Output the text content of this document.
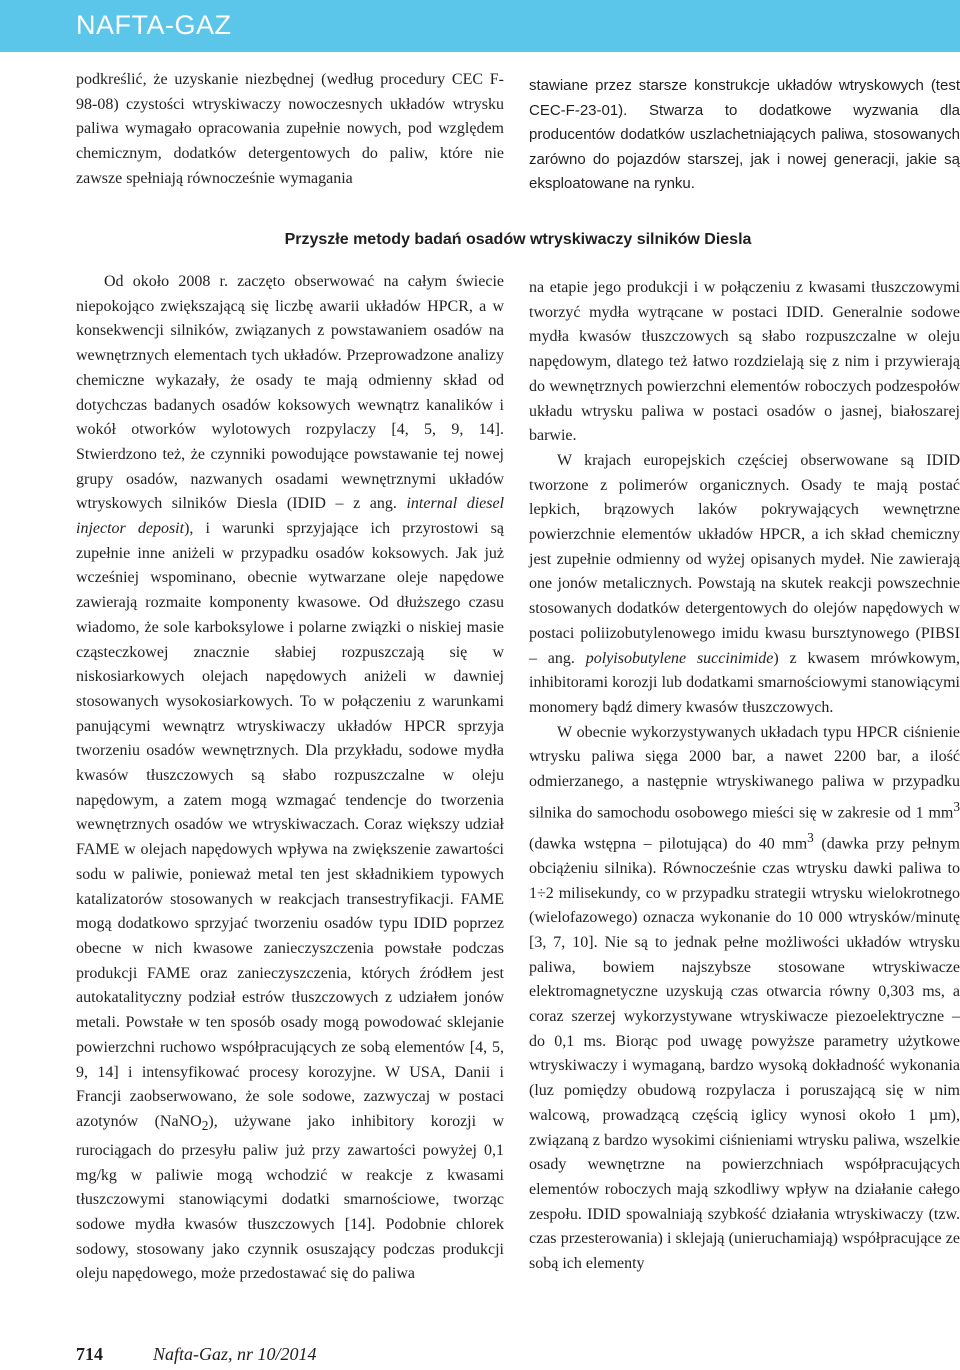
NAFTA-GAZ

podkreślić, że uzyskanie niezbędnej (według procedury CEC F-98-08) czystości wtryskiwaczy nowoczesnych układów wtrysku paliwa wymagało opracowania zupełnie nowych, pod względem chemicznym, dodatków detergentowych do paliw, które nie zawsze spełniają równocześnie wymagania

stawiane przez starsze konstrukcje układów wtryskowych (test CEC-F-23-01). Stwarza to dodatkowe wyzwania dla producentów dodatków uszlachetniających paliwa, stosowanych zarówno do pojazdów starszej, jak i nowej generacji, jakie są eksploatowane na rynku.

Przyszłe metody badań osadów wtryskiwaczy silników Diesla

Od około 2008 r. zaczęto obserwować na całym świecie niepokojąco zwiększającą się liczbę awarii układów HPCR, a w konsekwencji silników, związanych z powstawaniem osadów na wewnętrznych elementach tych układów. Przeprowadzone analizy chemiczne wykazały, że osady te mają odmienny skład od dotychczas badanych osadów koksowych wewnątrz kanalików i wokół otworków wylotowych rozpylaczy [4, 5, 9, 14]. Stwierdzono też, że czynniki powodujące powstawanie tej nowej grupy osadów, nazwanych osadami wewnętrznymi układów wtryskowych silników Diesla (IDID – z ang. internal diesel injector deposit), i warunki sprzyjające ich przyrostowi są zupełnie inne aniżeli w przypadku osadów koksowych. Jak już wcześniej wspominano, obecnie wytwarzane oleje napędowe zawierają rozmaite komponenty kwasowe. Od dłuższego czasu wiadomo, że sole karboksylowe i polarne związki o niskiej masie cząsteczkowej znacznie słabiej rozpuszczają się w niskosiarkowych olejach napędowych aniżeli w dawniej stosowanych wysokosiarkowych. To w połączeniu z warunkami panującymi wewnątrz wtryskiwaczy układów HPCR sprzyja tworzeniu osadów wewnętrznych. Dla przykładu, sodowe mydła kwasów tłuszczowych są słabo rozpuszczalne w oleju napędowym, a zatem mogą wzmagać tendencje do tworzenia wewnętrznych osadów we wtryskiwaczach. Coraz większy udział FAME w olejach napędowych wpływa na zwiększenie zawartości sodu w paliwie, ponieważ metal ten jest składnikiem typowych katalizatorów stosowanych w reakcjach transestryfikacji. FAME mogą dodatkowo sprzyjać tworzeniu osadów typu IDID poprzez obecne w nich kwasowe zanieczyszczenia powstałe podczas produkcji FAME oraz zanieczyszczenia, których źródłem jest autokatalityczny podział estrów tłuszczowych z udziałem jonów metali. Powstałe w ten sposób osady mogą powodować sklejanie powierzchni ruchowo współpracujących ze sobą elementów [4, 5, 9, 14] i intensyfikować procesy korozyjne. W USA, Danii i Francji zaobserwowano, że sole sodowe, zazwyczaj w postaci azotynów (NaNO$_2$), używane jako inhibitory korozji w rurociągach do przesyłu paliw już przy zawartości powyżej 0,1 mg/kg w paliwie mogą wchodzić w reakcje z kwasami tłuszczowymi stanowiącymi dodatki smarnościowe, tworząc sodowe mydła kwasów tłuszczowych [14]. Podobnie chlorek sodowy, stosowany jako czynnik osuszający podczas produkcji oleju napędowego, może przedostawać się do paliwa

na etapie jego produkcji i w połączeniu z kwasami tłuszczowymi tworzyć mydła wytrącane w postaci IDID. Generalnie sodowe mydła kwasów tłuszczowych są słabo rozpuszczalne w oleju napędowym, dlatego też łatwo rozdzielają się z nim i przywierają do wewnętrznych powierzchni elementów roboczych podzespołów układu wtrysku paliwa w postaci osadów o jasnej, białoszarej barwie.

W krajach europejskich częściej obserwowane są IDID tworzone z polimerów organicznych. Osady te mają postać lepkich, brązowych laków pokrywających wewnętrzne powierzchnie elementów układów HPCR, a ich skład chemiczny jest zupełnie odmienny od wyżej opisanych mydeł. Nie zawierają one jonów metalicznych. Powstają na skutek reakcji powszechnie stosowanych dodatków detergentowych do olejów napędowych w postaci poliizobutylenowego imidu kwasu bursztynowego (PIBSI – ang. polyisobutylene succinimide) z kwasem mrówkowym, inhibitorami korozji lub dodatkami smarnościowymi stanowiącymi monomery bądź dimery kwasów tłuszczowych.

W obecnie wykorzystywanych układach typu HPCR ciśnienie wtrysku paliwa sięga 2000 bar, a nawet 2200 bar, a ilość odmierzanego, a następnie wtryskiwanego paliwa w przypadku silnika do samochodu osobowego mieści się w zakresie od 1 $mm^3$ (dawka wstępna – pilotująca) do 40 $mm^3$ (dawka przy pełnym obciążeniu silnika). Równocześnie czas wtrysku dawki paliwa to 1÷2 milisekundy, co w przypadku strategii wtrysku wielokrotnego (wielofazowego) oznacza wykonanie do 10 000 wtrysków/minutę [3, 7, 10]. Nie są to jednak pełne możliwości układów wtrysku paliwa, bowiem najszybsze stosowane wtryskiwacze elektromagnetyczne uzyskują czas otwarcia równy 0,303 ms, a coraz szerzej wykorzystywane wtryskiwacze piezoelektryczne – do 0,1 ms. Biorąc pod uwagę powyższe parametry użytkowe wtryskiwaczy i wymaganą, bardzo wysoką dokładność wykonania (luz pomiędzy obudową rozpylacza i poruszającą się w nim walcową, prowadzącą częścią iglicy wynosi około 1 µm), związaną z bardzo wysokimi ciśnieniami wtrysku paliwa, wszelkie osady wewnętrzne na powierzchniach współpracujących elementów roboczych mają szkodliwy wpływ na działanie całego zespołu. IDID spowalniają szybkość działania wtryskiwaczy (tzw. czas przesterowania) i sklejają (unieruchamiają) współpracujące ze sobą ich elementy

714	Nafta-Gaz, nr 10/2014
